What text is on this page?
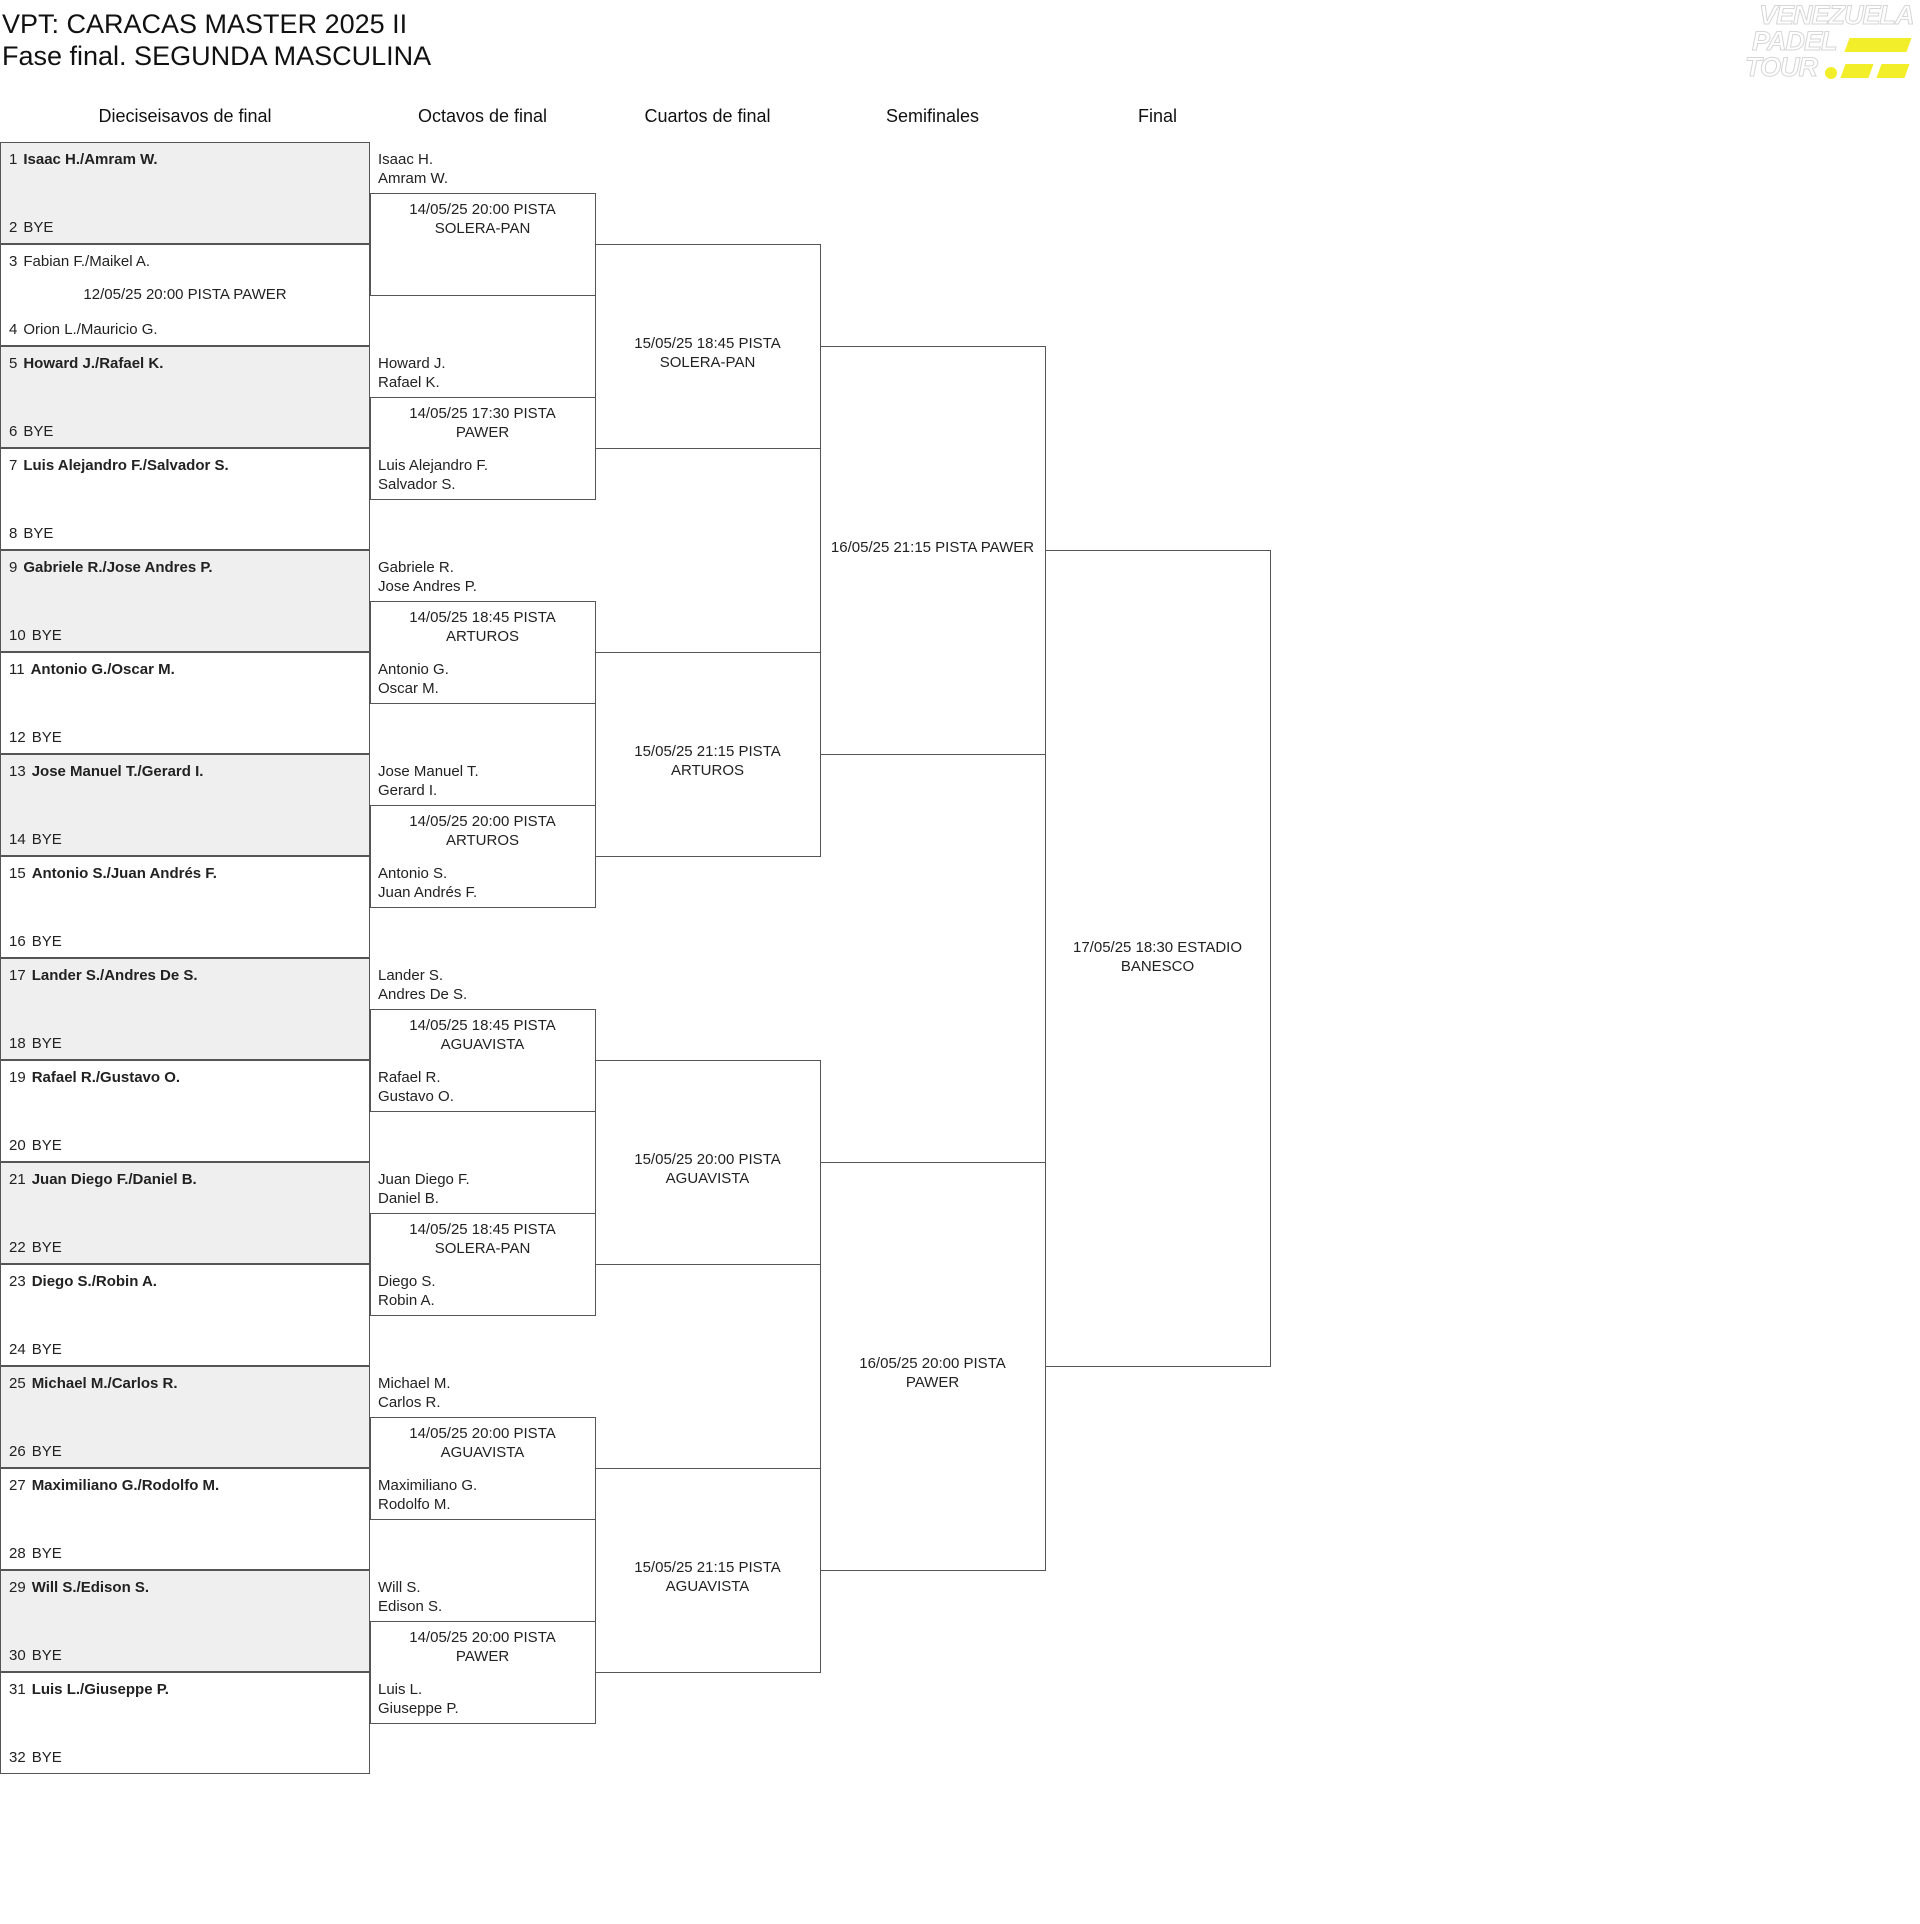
VPT: CARACAS MASTER 2025 II
Fase final. SEGUNDA MASCULINA
VENEZUELA
PADEL
TOUR
Dieciseisavos de final	Octavos de final	Cuartos de final	Semifinales	Final
1 Isaac H./Amram W.
2 BYE
3 Fabian F./Maikel A.
12/05/25 20:00 PISTA PAWER
4 Orion L./Mauricio G.
5 Howard J./Rafael K.
6 BYE
7 Luis Alejandro F./Salvador S.
8 BYE
9 Gabriele R./Jose Andres P.
10 BYE
11 Antonio G./Oscar M.
12 BYE
13 Jose Manuel T./Gerard I.
14 BYE
15 Antonio S./Juan Andrés F.
16 BYE
17 Lander S./Andres De S.
18 BYE
19 Rafael R./Gustavo O.
20 BYE
21 Juan Diego F./Daniel B.
22 BYE
23 Diego S./Robin A.
24 BYE
25 Michael M./Carlos R.
26 BYE
27 Maximiliano G./Rodolfo M.
28 BYE
29 Will S./Edison S.
30 BYE
31 Luis L./Giuseppe P.
32 BYE
Isaac H.
Amram W.
Howard J.
Rafael K.
Luis Alejandro F.
Salvador S.
Gabriele R.
Jose Andres P.
Antonio G.
Oscar M.
Jose Manuel T.
Gerard I.
Antonio S.
Juan Andrés F.
Lander S.
Andres De S.
Rafael R.
Gustavo O.
Juan Diego F.
Daniel B.
Diego S.
Robin A.
Michael M.
Carlos R.
Maximiliano G.
Rodolfo M.
Will S.
Edison S.
Luis L.
Giuseppe P.
14/05/25 20:00 PISTA
SOLERA-PAN
14/05/25 17:30 PISTA
PAWER
14/05/25 18:45 PISTA
ARTUROS
14/05/25 20:00 PISTA
ARTUROS
14/05/25 18:45 PISTA
AGUAVISTA
14/05/25 18:45 PISTA
SOLERA-PAN
14/05/25 20:00 PISTA
AGUAVISTA
14/05/25 20:00 PISTA
PAWER
15/05/25 18:45 PISTA
SOLERA-PAN
15/05/25 21:15 PISTA
ARTUROS
15/05/25 20:00 PISTA
AGUAVISTA
15/05/25 21:15 PISTA
AGUAVISTA
16/05/25 21:15 PISTA PAWER
16/05/25 20:00 PISTA
PAWER
17/05/25 18:30 ESTADIO
BANESCO
